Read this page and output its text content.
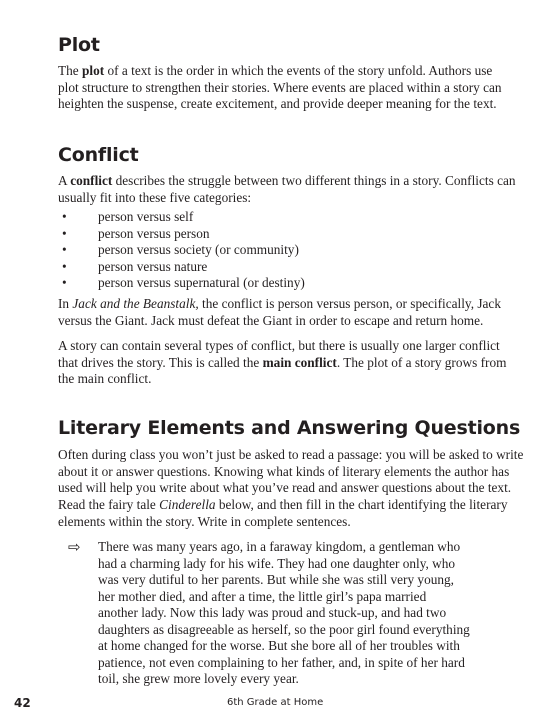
Plot

The plot of a text is the order in which the events of the story unfold. Authors use
plot structure to strengthen their stories. Where events are placed within a story can
heighten the suspense, create excitement, and provide deeper meaning for the text.

Conflict

A conflict describes the struggle between two different things in a story. Conflicts can
usually fit into these five categories:

• person versus self
• person versus person
• person versus society (or community)
• person versus nature
• person versus supernatural (or destiny)

In Jack and the Beanstalk, the conflict is person versus person, or specifically, Jack
versus the Giant. Jack must defeat the Giant in order to escape and return home.

A story can contain several types of conflict, but there is usually one larger conflict
that drives the story. This is called the main conflict. The plot of a story grows from
the main conflict.

Literary Elements and Answering Questions

Often during class you won’t just be asked to read a passage: you will be asked to write
about it or answer questions. Knowing what kinds of literary elements the author has
used will help you write about what you’ve read and answer questions about the text.

Read the fairy tale Cinderella below, and then fill in the chart identifying the literary
elements within the story. Write in complete sentences.

⇨ There was many years ago, in a faraway kingdom, a gentleman who
had a charming lady for his wife. They had one daughter only, who
was very dutiful to her parents. But while she was still very young,
her mother died, and after a time, the little girl’s papa married
another lady. Now this lady was proud and stuck-up, and had two
daughters as disagreeable as herself, so the poor girl found everything
at home changed for the worse. But she bore all of her troubles with
patience, not even complaining to her father, and, in spite of her hard
toil, she grew more lovely every year.
42	6th Grade at Home
